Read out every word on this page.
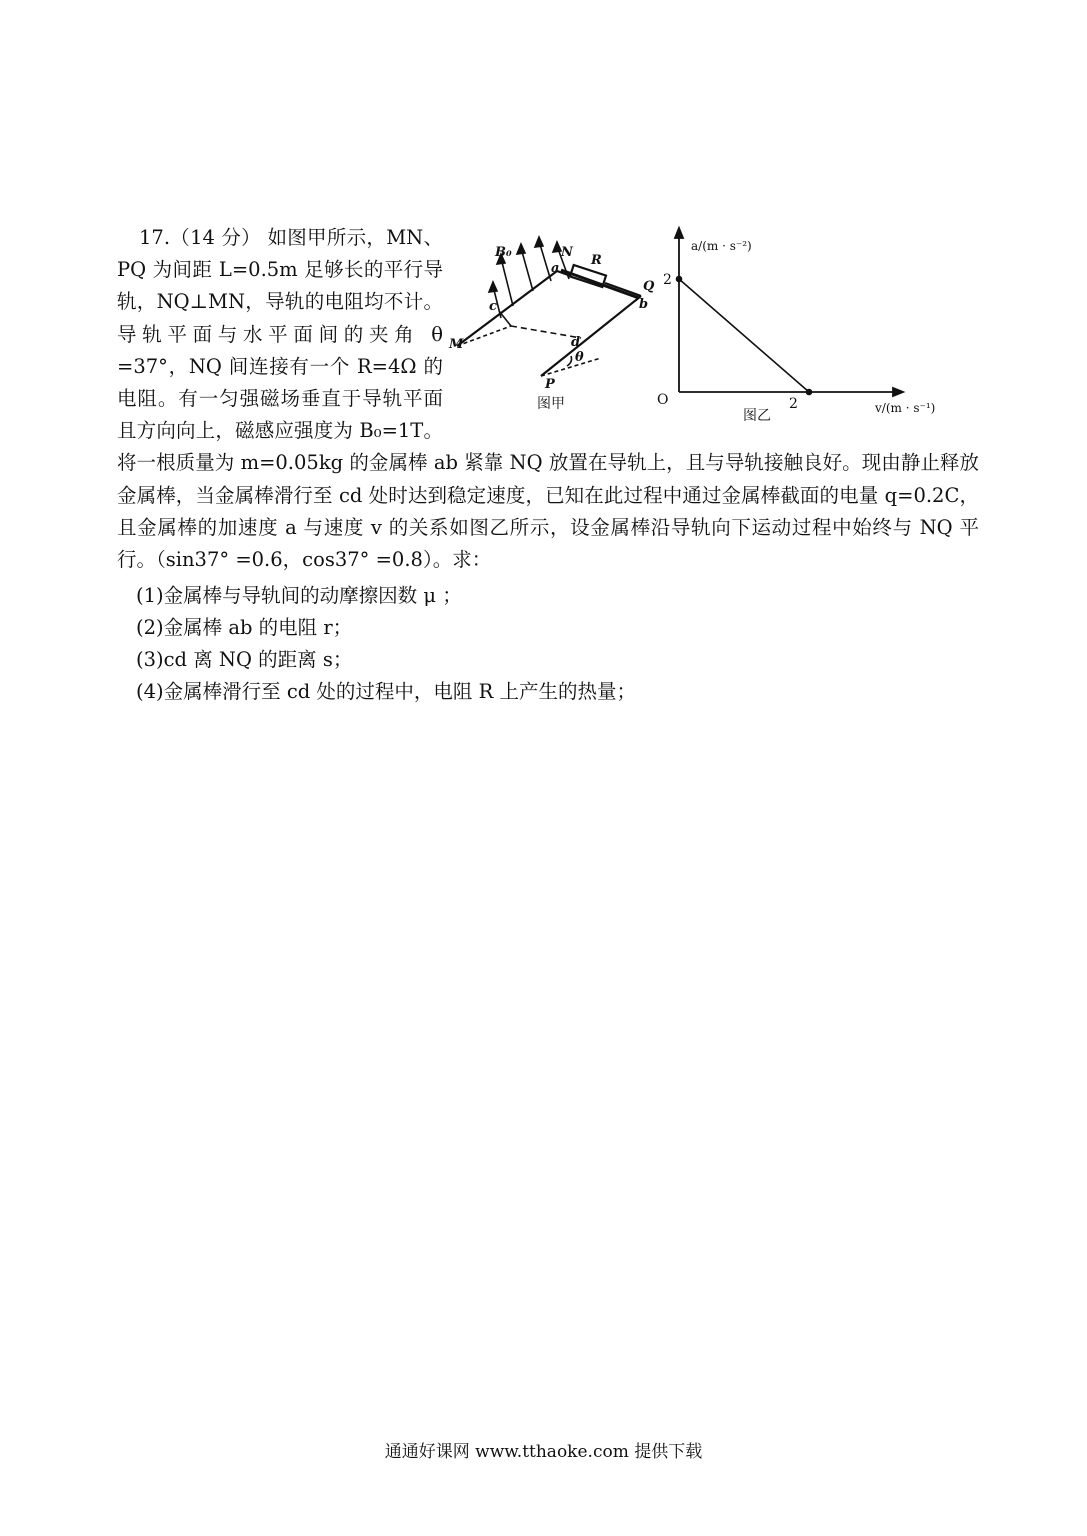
B₀	N
a
R
Q
b
c
M	d
θ
P
图甲
a/(m · s⁻²)
v/(m · s⁻¹)
O
2
2
图乙

17.（14 分） 如图甲所示，MN、PQ 为间距 L=0.5m 足够长的平行导轨，NQ⊥MN，导轨的电阻均不计。导轨平面与水平面间的夹角 θ =37°，NQ 间连接有一个 R=4Ω 的电阻。有一匀强磁场垂直于导轨平面且方向向上，磁感应强度为 B₀=1T。将一根质量为 m=0.05kg 的金属棒 ab 紧靠 NQ 放置在导轨上，且与导轨接触良好。现由静止释放金属棒，当金属棒滑行至 cd 处时达到稳定速度，已知在此过程中通过金属棒截面的电量 q=0.2C，且金属棒的加速度 a 与速度 v 的关系如图乙所示，设金属棒沿导轨向下运动过程中始终与 NQ 平行。（sin37° =0.6，cos37° =0.8）。求：

(1)金属棒与导轨间的动摩擦因数 μ ；

(2)金属棒 ab 的电阻 r；

(3)cd 离 NQ 的距离 s；

(4)金属棒滑行至 cd 处的过程中，电阻 R 上产生的热量；

通通好课网 www.tthaoke.com 提供下载
